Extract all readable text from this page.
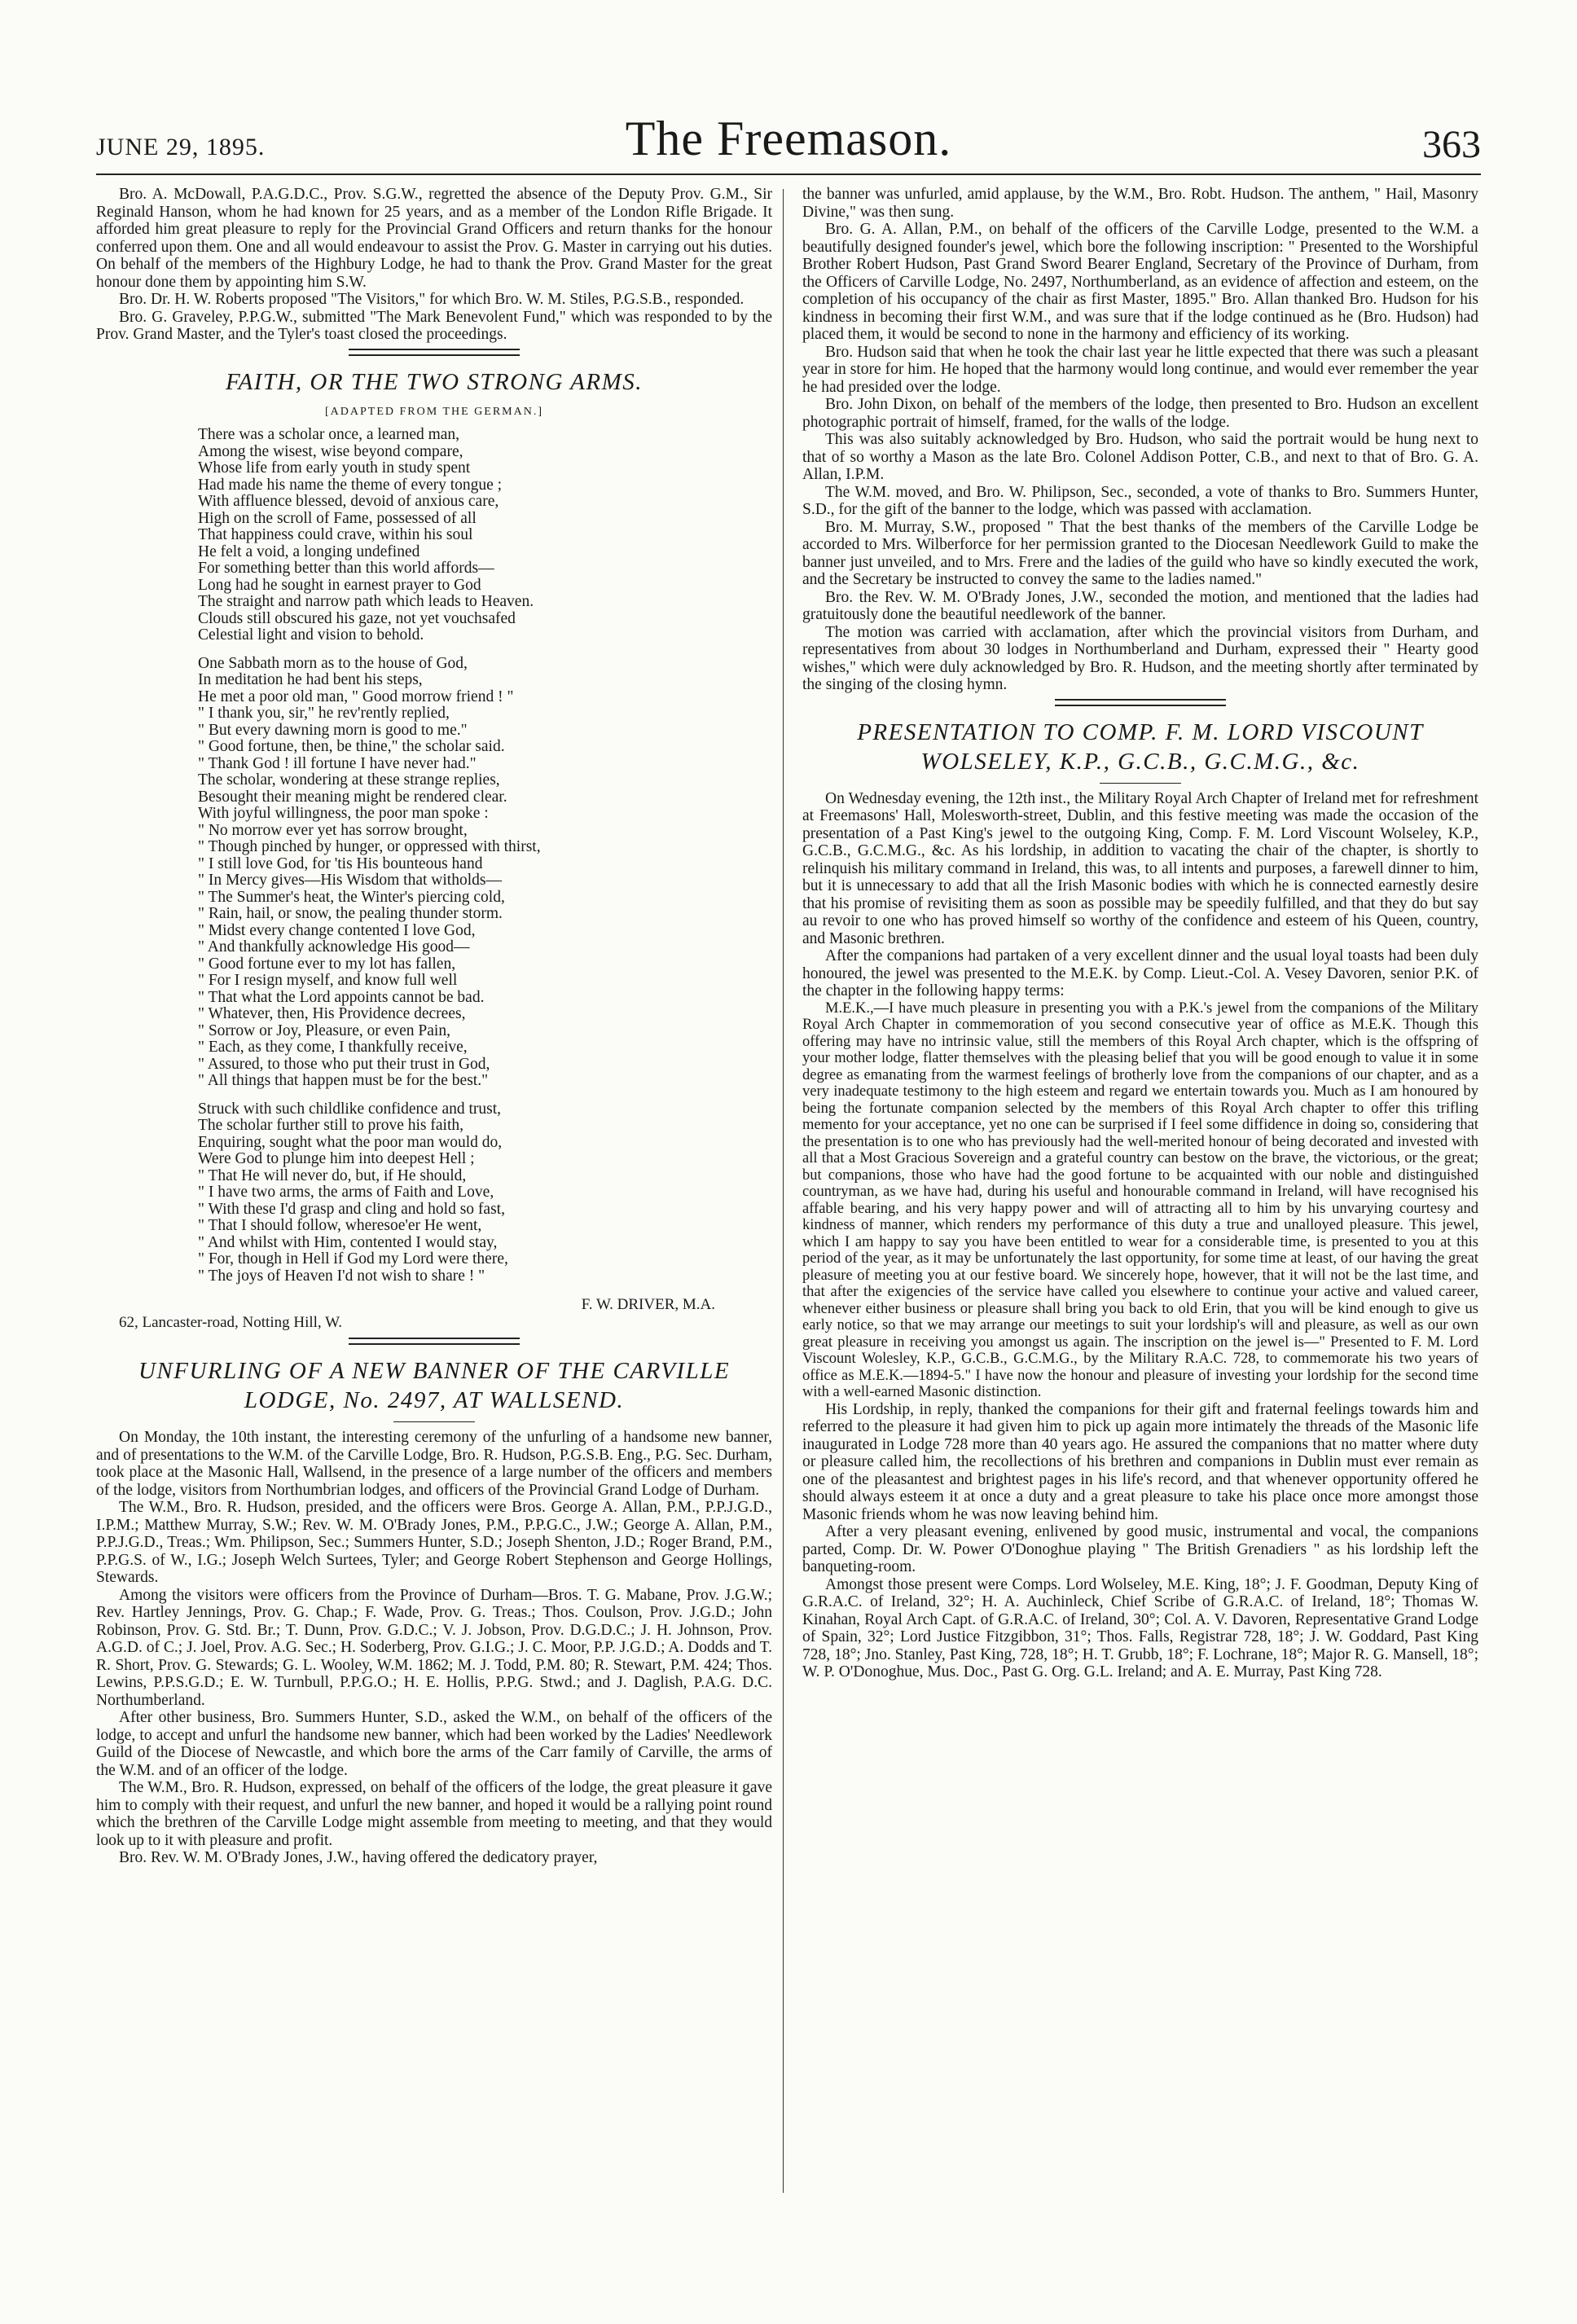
JUNE 29, 1895.	The Freemason.	363

Bro. A. McDowall, P.A.G.D.C., Prov. S.G.W., regretted the absence of the Deputy Prov. G.M., Sir Reginald Hanson, whom he had known for 25 years, and as a member of the London Rifle Brigade. It afforded him great pleasure to reply for the Provincial Grand Officers and return thanks for the honour conferred upon them. One and all would endeavour to assist the Prov. G. Master in carrying out his duties. On behalf of the members of the Highbury Lodge, he had to thank the Prov. Grand Master for the great honour done them by appointing him S.W.

Bro. Dr. H. W. Roberts proposed "The Visitors," for which Bro. W. M. Stiles, P.G.S.B., responded.

Bro. G. Graveley, P.P.G.W., submitted "The Mark Benevolent Fund," which was responded to by the Prov. Grand Master, and the Tyler's toast closed the proceedings.

FAITH, OR THE TWO STRONG ARMS.
[ADAPTED FROM THE GERMAN.]
There was a scholar once, a learned man,
Among the wisest, wise beyond compare,
Whose life from early youth in study spent
Had made his name the theme of every tongue ;
With affluence blessed, devoid of anxious care,
High on the scroll of Fame, possessed of all
That happiness could crave, within his soul
He felt a void, a longing undefined
For something better than this world affords—
Long had he sought in earnest prayer to God
The straight and narrow path which leads to Heaven.
Clouds still obscured his gaze, not yet vouchsafed
Celestial light and vision to behold.
One Sabbath morn as to the house of God,
In meditation he had bent his steps,
He met a poor old man, " Good morrow friend ! "
" I thank you, sir," he rev'rently replied,
" But every dawning morn is good to me."
" Good fortune, then, be thine," the scholar said.
" Thank God ! ill fortune I have never had."
The scholar, wondering at these strange replies,
Besought their meaning might be rendered clear.
With joyful willingness, the poor man spoke :
" No morrow ever yet has sorrow brought,
" Though pinched by hunger, or oppressed with thirst,
" I still love God, for 'tis His bounteous hand
" In Mercy gives—His Wisdom that witholds—
" The Summer's heat, the Winter's piercing cold,
" Rain, hail, or snow, the pealing thunder storm.
" Midst every change contented I love God,
" And thankfully acknowledge His good—
" Good fortune ever to my lot has fallen,
" For I resign myself, and know full well
" That what the Lord appoints cannot be bad.
" Whatever, then, His Providence decrees,
" Sorrow or Joy, Pleasure, or even Pain,
" Each, as they come, I thankfully receive,
" Assured, to those who put their trust in God,
" All things that happen must be for the best."
Struck with such childlike confidence and trust,
The scholar further still to prove his faith,
Enquiring, sought what the poor man would do,
Were God to plunge him into deepest Hell ;
" That He will never do, but, if He should,
" I have two arms, the arms of Faith and Love,
" With these I'd grasp and cling and hold so fast,
" That I should follow, wheresoe'er He went,
" And whilst with Him, contented I would stay,
" For, though in Hell if God my Lord were there,
" The joys of Heaven I'd not wish to share ! "
F. W. DRIVER, M.A.
62, Lancaster-road, Notting Hill, W.
UNFURLING OF A NEW BANNER OF THE CARVILLE LODGE, No. 2497, AT WALLSEND.

On Monday, the 10th instant, the interesting ceremony of the unfurling of a handsome new banner, and of presentations to the W.M. of the Carville Lodge, Bro. R. Hudson, P.G.S.B. Eng., P.G. Sec. Durham, took place at the Masonic Hall, Wallsend, in the presence of a large number of the officers and members of the lodge, visitors from Northumbrian lodges, and officers of the Provincial Grand Lodge of Durham.

The W.M., Bro. R. Hudson, presided, and the officers were Bros. George A. Allan, P.M., P.P.J.G.D., I.P.M.; Matthew Murray, S.W.; Rev. W. M. O'Brady Jones, P.M., P.P.G.C., J.W.; George A. Allan, P.M., P.P.J.G.D., Treas.; Wm. Philipson, Sec.; Summers Hunter, S.D.; Joseph Shenton, J.D.; Roger Brand, P.M., P.P.G.S. of W., I.G.; Joseph Welch Surtees, Tyler; and George Robert Stephenson and George Hollings, Stewards.

Among the visitors were officers from the Province of Durham—Bros. T. G. Mabane, Prov. J.G.W.; Rev. Hartley Jennings, Prov. G. Chap.; F. Wade, Prov. G. Treas.; Thos. Coulson, Prov. J.G.D.; John Robinson, Prov. G. Std. Br.; T. Dunn, Prov. G.D.C.; V. J. Jobson, Prov. D.G.D.C.; J. H. Johnson, Prov. A.G.D. of C.; J. Joel, Prov. A.G. Sec.; H. Soderberg, Prov. G.I.G.; J. C. Moor, P.P. J.G.D.; A. Dodds and T. R. Short, Prov. G. Stewards; G. L. Wooley, W.M. 1862; M. J. Todd, P.M. 80; R. Stewart, P.M. 424; Thos. Lewins, P.P.S.G.D.; E. W. Turnbull, P.P.G.O.; H. E. Hollis, P.P.G. Stwd.; and J. Daglish, P.A.G. D.C. Northumberland.

After other business, Bro. Summers Hunter, S.D., asked the W.M., on behalf of the officers of the lodge, to accept and unfurl the handsome new banner, which had been worked by the Ladies' Needlework Guild of the Diocese of Newcastle, and which bore the arms of the Carr family of Carville, the arms of the W.M. and of an officer of the lodge.

The W.M., Bro. R. Hudson, expressed, on behalf of the officers of the lodge, the great pleasure it gave him to comply with their request, and unfurl the new banner, and hoped it would be a rallying point round which the brethren of the Carville Lodge might assemble from meeting to meeting, and that they would look up to it with pleasure and profit.

Bro. Rev. W. M. O'Brady Jones, J.W., having offered the dedicatory prayer,

the banner was unfurled, amid applause, by the W.M., Bro. Robt. Hudson. The anthem, " Hail, Masonry Divine," was then sung.

Bro. G. A. Allan, P.M., on behalf of the officers of the Carville Lodge, presented to the W.M. a beautifully designed founder's jewel, which bore the following inscription: " Presented to the Worshipful Brother Robert Hudson, Past Grand Sword Bearer England, Secretary of the Province of Durham, from the Officers of Carville Lodge, No. 2497, Northumberland, as an evidence of affection and esteem, on the completion of his occupancy of the chair as first Master, 1895." Bro. Allan thanked Bro. Hudson for his kindness in becoming their first W.M., and was sure that if the lodge continued as he (Bro. Hudson) had placed them, it would be second to none in the harmony and efficiency of its working.

Bro. Hudson said that when he took the chair last year he little expected that there was such a pleasant year in store for him. He hoped that the harmony would long continue, and would ever remember the year he had presided over the lodge.

Bro. John Dixon, on behalf of the members of the lodge, then presented to Bro. Hudson an excellent photographic portrait of himself, framed, for the walls of the lodge.

This was also suitably acknowledged by Bro. Hudson, who said the portrait would be hung next to that of so worthy a Mason as the late Bro. Colonel Addison Potter, C.B., and next to that of Bro. G. A. Allan, I.P.M.

The W.M. moved, and Bro. W. Philipson, Sec., seconded, a vote of thanks to Bro. Summers Hunter, S.D., for the gift of the banner to the lodge, which was passed with acclamation.

Bro. M. Murray, S.W., proposed " That the best thanks of the members of the Carville Lodge be accorded to Mrs. Wilberforce for her permission granted to the Diocesan Needlework Guild to make the banner just unveiled, and to Mrs. Frere and the ladies of the guild who have so kindly executed the work, and the Secretary be instructed to convey the same to the ladies named."

Bro. the Rev. W. M. O'Brady Jones, J.W., seconded the motion, and mentioned that the ladies had gratuitously done the beautiful needlework of the banner.

The motion was carried with acclamation, after which the provincial visitors from Durham, and representatives from about 30 lodges in Northumberland and Durham, expressed their " Hearty good wishes," which were duly acknowledged by Bro. R. Hudson, and the meeting shortly after terminated by the singing of the closing hymn.

PRESENTATION TO COMP. F. M. LORD VISCOUNT WOLSELEY, K.P., G.C.B., G.C.M.G., &c.

On Wednesday evening, the 12th inst., the Military Royal Arch Chapter of Ireland met for refreshment at Freemasons' Hall, Molesworth-street, Dublin, and this festive meeting was made the occasion of the presentation of a Past King's jewel to the outgoing King, Comp. F. M. Lord Viscount Wolseley, K.P., G.C.B., G.C.M.G., &c. As his lordship, in addition to vacating the chair of the chapter, is shortly to relinquish his military command in Ireland, this was, to all intents and purposes, a farewell dinner to him, but it is unnecessary to add that all the Irish Masonic bodies with which he is connected earnestly desire that his promise of revisiting them as soon as possible may be speedily fulfilled, and that they do but say au revoir to one who has proved himself so worthy of the confidence and esteem of his Queen, country, and Masonic brethren.

After the companions had partaken of a very excellent dinner and the usual loyal toasts had been duly honoured, the jewel was presented to the M.E.K. by Comp. Lieut.-Col. A. Vesey Davoren, senior P.K. of the chapter in the following happy terms:

M.E.K.,—I have much pleasure in presenting you with a P.K.'s jewel from the companions of the Military Royal Arch Chapter in commemoration of you second consecutive year of office as M.E.K. Though this offering may have no intrinsic value, still the members of this Royal Arch chapter, which is the offspring of your mother lodge, flatter themselves with the pleasing belief that you will be good enough to value it in some degree as emanating from the warmest feelings of brotherly love from the companions of our chapter, and as a very inadequate testimony to the high esteem and regard we entertain towards you. Much as I am honoured by being the fortunate companion selected by the members of this Royal Arch chapter to offer this trifling memento for your acceptance, yet no one can be surprised if I feel some diffidence in doing so, considering that the presentation is to one who has previously had the well-merited honour of being decorated and invested with all that a Most Gracious Sovereign and a grateful country can bestow on the brave, the victorious, or the great; but companions, those who have had the good fortune to be acquainted with our noble and distinguished countryman, as we have had, during his useful and honourable command in Ireland, will have recognised his affable bearing, and his very happy power and will of attracting all to him by his unvarying courtesy and kindness of manner, which renders my performance of this duty a true and unalloyed pleasure. This jewel, which I am happy to say you have been entitled to wear for a considerable time, is presented to you at this period of the year, as it may be unfortunately the last opportunity, for some time at least, of our having the great pleasure of meeting you at our festive board. We sincerely hope, however, that it will not be the last time, and that after the exigencies of the service have called you elsewhere to continue your active and valued career, whenever either business or pleasure shall bring you back to old Erin, that you will be kind enough to give us early notice, so that we may arrange our meetings to suit your lordship's will and pleasure, as well as our own great pleasure in receiving you amongst us again. The inscription on the jewel is—" Presented to F. M. Lord Viscount Wolesley, K.P., G.C.B., G.C.M.G., by the Military R.A.C. 728, to commemorate his two years of office as M.E.K.—1894-5." I have now the honour and pleasure of investing your lordship for the second time with a well-earned Masonic distinction.

His Lordship, in reply, thanked the companions for their gift and fraternal feelings towards him and referred to the pleasure it had given him to pick up again more intimately the threads of the Masonic life inaugurated in Lodge 728 more than 40 years ago. He assured the companions that no matter where duty or pleasure called him, the recollections of his brethren and companions in Dublin must ever remain as one of the pleasantest and brightest pages in his life's record, and that whenever opportunity offered he should always esteem it at once a duty and a great pleasure to take his place once more amongst those Masonic friends whom he was now leaving behind him.

After a very pleasant evening, enlivened by good music, instrumental and vocal, the companions parted, Comp. Dr. W. Power O'Donoghue playing " The British Grenadiers " as his lordship left the banqueting-room.

Amongst those present were Comps. Lord Wolseley, M.E. King, 18°; J. F. Goodman, Deputy King of G.R.A.C. of Ireland, 32°; H. A. Auchinleck, Chief Scribe of G.R.A.C. of Ireland, 18°; Thomas W. Kinahan, Royal Arch Capt. of G.R.A.C. of Ireland, 30°; Col. A. V. Davoren, Representative Grand Lodge of Spain, 32°; Lord Justice Fitzgibbon, 31°; Thos. Falls, Registrar 728, 18°; J. W. Goddard, Past King 728, 18°; Jno. Stanley, Past King, 728, 18°; H. T. Grubb, 18°; F. Lochrane, 18°; Major R. G. Mansell, 18°; W. P. O'Donoghue, Mus. Doc., Past G. Org. G.L. Ireland; and A. E. Murray, Past King 728.
